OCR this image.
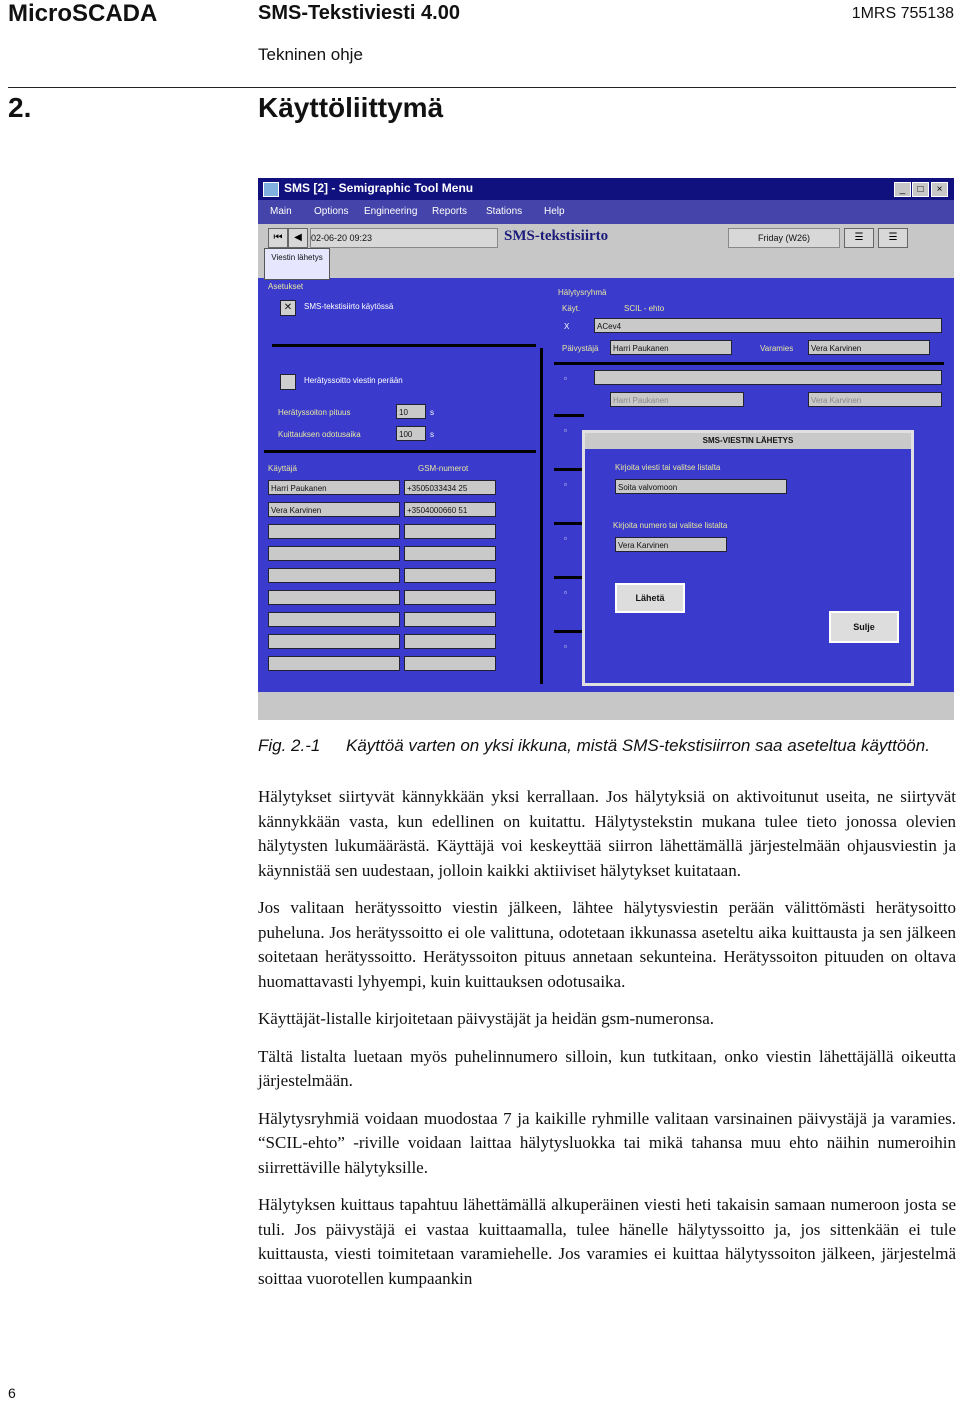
MicroSCADA	SMS-Tekstiviesti 4.00	1MRS 755138
Tekninen ohje
2.	Käyttöliittymä
SMS [2] - Semigraphic Tool Menu	_	□	×
Main Options Engineering Reports Stations Help
⏮	◀	02-06-20 09:23	SMS-tekstisiirto	Friday (W26)	☰	☰
Asetukset
✕	SMS-tekstisiirto käytössä
Herätyssoitto viestin perään
Herätyssoiton pituus	10	s
Kuittauksen odotusaika	100	s
Käyttäjä	GSM-numerot
Harri Paukanen	+3505033434 25
Vera Karvinen	+3504000660 51
Hälytysryhmä
Käyt.	SCIL - ehto
X	ACev4
Päivystäjä	Harri Paukanen	Varamies	Vera Karvinen
▫
Harri Paukanen	Vera Karvinen
▫
▫
▫
▫
▫
SMS-VIESTIN LÄHETYS
Kirjoita viesti tai valitse listalta
Soita valvomoon
Kirjoita numero tai valitse listalta
Vera Karvinen
Lähetä
Sulje
Viestin lähetys
Fig. 2.-1	Käyttöä varten on yksi ikkuna, mistä SMS-tekstisiirron saa aseteltua käyttöön.

Hälytykset siirtyvät kännykkään yksi kerrallaan. Jos hälytyksiä on aktivoitunut useita, ne siirtyvät kännykkään vasta, kun edellinen on kuitattu. Hälytystekstin mukana tulee tieto jonossa olevien hälytysten lukumäärästä. Käyttäjä voi keskeyttää siirron lähettämällä järjestelmään ohjausviestin ja käynnistää sen uudestaan, jolloin kaikki aktiiviset hälytykset kuitataan.

Jos valitaan herätyssoitto viestin jälkeen, lähtee hälytysviestin perään välittömästi herätysoitto puheluna. Jos herätyssoitto ei ole valittuna, odotetaan ikkunassa aseteltu aika kuittausta ja sen jälkeen soitetaan herätyssoitto. Herätyssoiton pituus annetaan sekunteina. Herätyssoiton pituuden on oltava huomattavasti lyhyempi, kuin kuittauksen odotusaika.

Käyttäjät-listalle kirjoitetaan päivystäjät ja heidän gsm-numeronsa.

Tältä listalta luetaan myös puhelinnumero silloin, kun tutkitaan, onko viestin lähettäjällä oikeutta järjestelmään.

Hälytysryhmiä voidaan muodostaa 7 ja kaikille ryhmille valitaan varsinainen päivystäjä ja varamies. “SCIL-ehto” -riville voidaan laittaa hälytysluokka tai mikä tahansa muu ehto näihin numeroihin siirrettäville hälytyksille.

Hälytyksen kuittaus tapahtuu lähettämällä alkuperäinen viesti heti takaisin samaan numeroon josta se tuli. Jos päivystäjä ei vastaa kuittaamalla, tulee hänelle hälytyssoitto ja, jos sittenkään ei tule kuittausta, viesti toimitetaan varamiehelle. Jos varamies ei kuittaa hälytyssoiton jälkeen, järjestelmä soittaa vuorotellen kumpaankin

6
